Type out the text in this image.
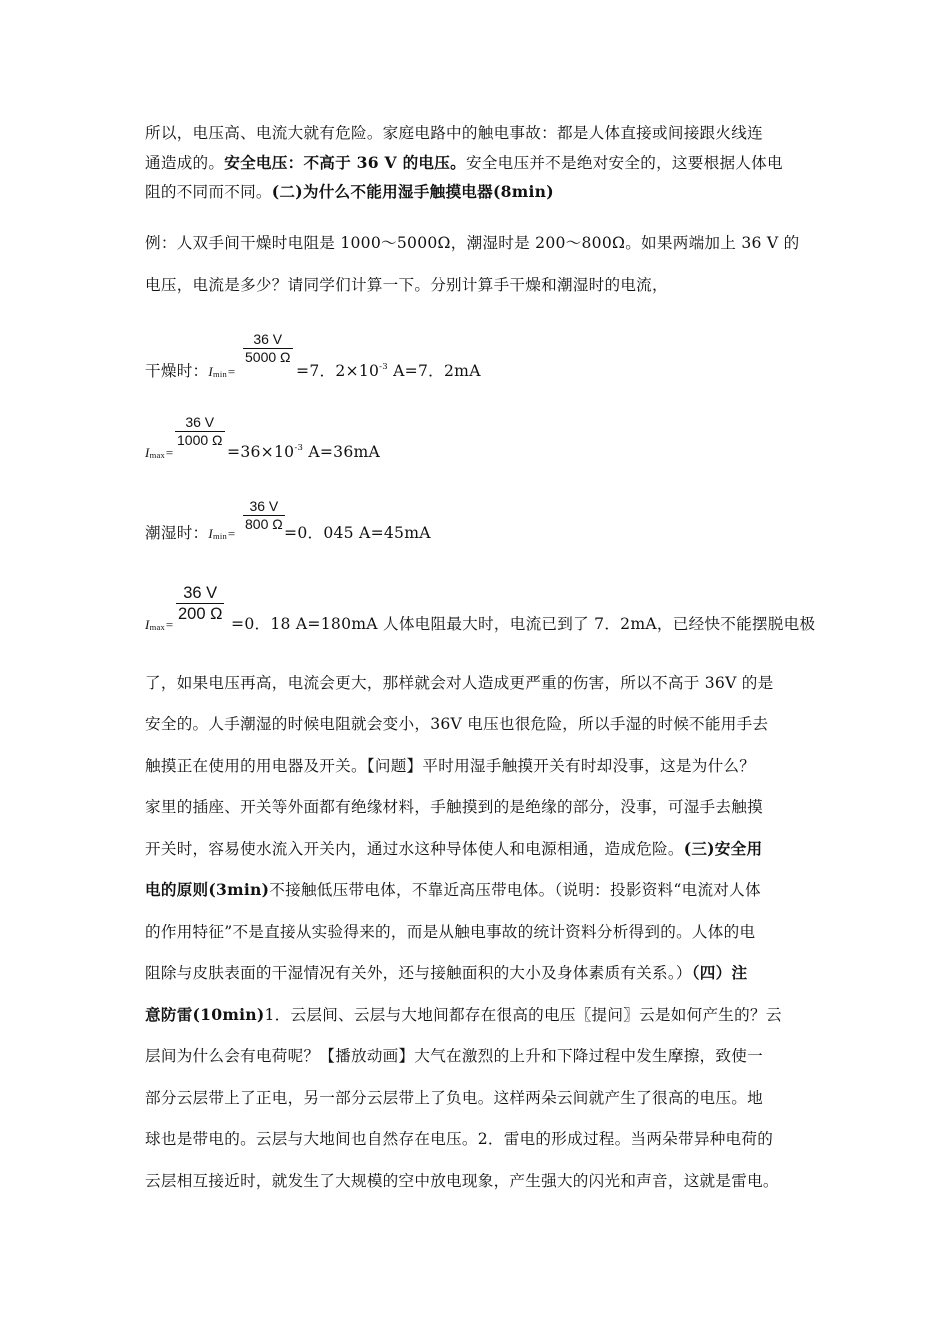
所以，电压高、电流大就有危险。家庭电路中的触电事故：都是人体直接或间接跟火线连
通造成的。安全电压：不高于 36 V 的电压。安全电压并不是绝对安全的，这要根据人体电
阻的不同而不同。(二)为什么不能用湿手触摸电器(8min)
例：人双手间干燥时电阻是 1000～5000Ω，潮湿时是 200～800Ω。如果两端加上 36 V 的
电压，电流是多少？请同学们计算一下。分别计算手干燥和潮湿时的电流，
36 V
5000 Ω
干燥时：Imin=	=7．$2\times 10^{-3}$ A=7．2mA
36 V
1000 Ω
Imax=	$=36\times 10^{-3}$ A=36mA
36 V
800 Ω
潮湿时：Imin=	=0．045 A=45mA
36 V
200 Ω
Imax=	=0．18 A=180mA 人体电阻最大时，电流已到了 7．2mA，已经快不能摆脱电极
了，如果电压再高，电流会更大，那样就会对人造成更严重的伤害，所以不高于 36V 的是
安全的。人手潮湿的时候电阻就会变小，36V 电压也很危险，所以手湿的时候不能用手去
触摸正在使用的用电器及开关。【问题】平时用湿手触摸开关有时却没事，这是为什么？
家里的插座、开关等外面都有绝缘材料，手触摸到的是绝缘的部分，没事，可湿手去触摸
开关时，容易使水流入开关内，通过水这种导体使人和电源相通，造成危险。(三)安全用
电的原则(3min)不接触低压带电体，不靠近高压带电体。（说明：投影资料“电流对人体
的作用特征”不是直接从实验得来的，而是从触电事故的统计资料分析得到的。人体的电
阻除与皮肤表面的干湿情况有关外，还与接触面积的大小及身体素质有关系。）（四）注
意防雷(10min)1．云层间、云层与大地间都存在很高的电压〖提问〗云是如何产生的？云
层间为什么会有电荷呢？【播放动画】大气在激烈的上升和下降过程中发生摩擦，致使一
部分云层带上了正电，另一部分云层带上了负电。这样两朵云间就产生了很高的电压。地
球也是带电的。云层与大地间也自然存在电压。2．雷电的形成过程。当两朵带异种电荷的
云层相互接近时，就发生了大规模的空中放电现象，产生强大的闪光和声音，这就是雷电。
